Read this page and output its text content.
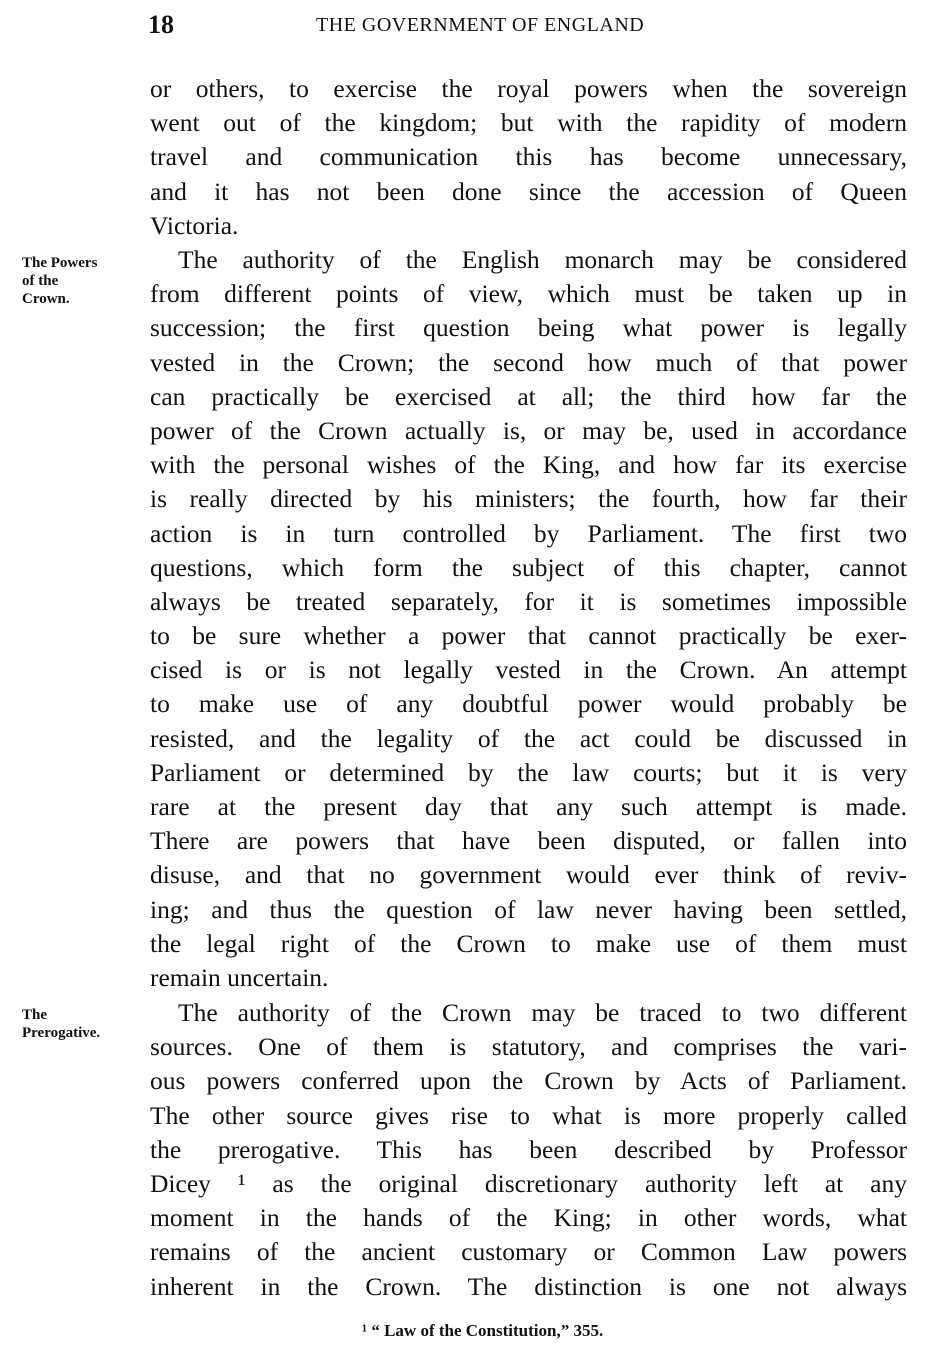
18	THE GOVERNMENT OF ENGLAND
or others, to exercise the royal powers when the sovereign
went out of the kingdom; but with the rapidity of modern
travel and communication this has become unnecessary,
and it has not been done since the accession of Queen
Victoria.
The Powers
of the
Crown.
The authority of the English monarch may be considered
from different points of view, which must be taken up in
succession; the first question being what power is legally
vested in the Crown; the second how much of that power
can practically be exercised at all; the third how far the
power of the Crown actually is, or may be, used in accordance
with the personal wishes of the King, and how far its exercise
is really directed by his ministers; the fourth, how far their
action is in turn controlled by Parliament. The first two
questions, which form the subject of this chapter, cannot
always be treated separately, for it is sometimes impossible
to be sure whether a power that cannot practically be exer-
cised is or is not legally vested in the Crown. An attempt
to make use of any doubtful power would probably be
resisted, and the legality of the act could be discussed in
Parliament or determined by the law courts; but it is very
rare at the present day that any such attempt is made.
There are powers that have been disputed, or fallen into
disuse, and that no government would ever think of reviv-
ing; and thus the question of law never having been settled,
the legal right of the Crown to make use of them must
remain uncertain.
The
Prerogative.
The authority of the Crown may be traced to two different
sources. One of them is statutory, and comprises the vari-
ous powers conferred upon the Crown by Acts of Parliament.
The other source gives rise to what is more properly called
the prerogative. This has been described by Professor
Dicey ¹ as the original discretionary authority left at any
moment in the hands of the King; in other words, what
remains of the ancient customary or Common Law powers
inherent in the Crown. The distinction is one not always
¹ “ Law of the Constitution,” 355.
